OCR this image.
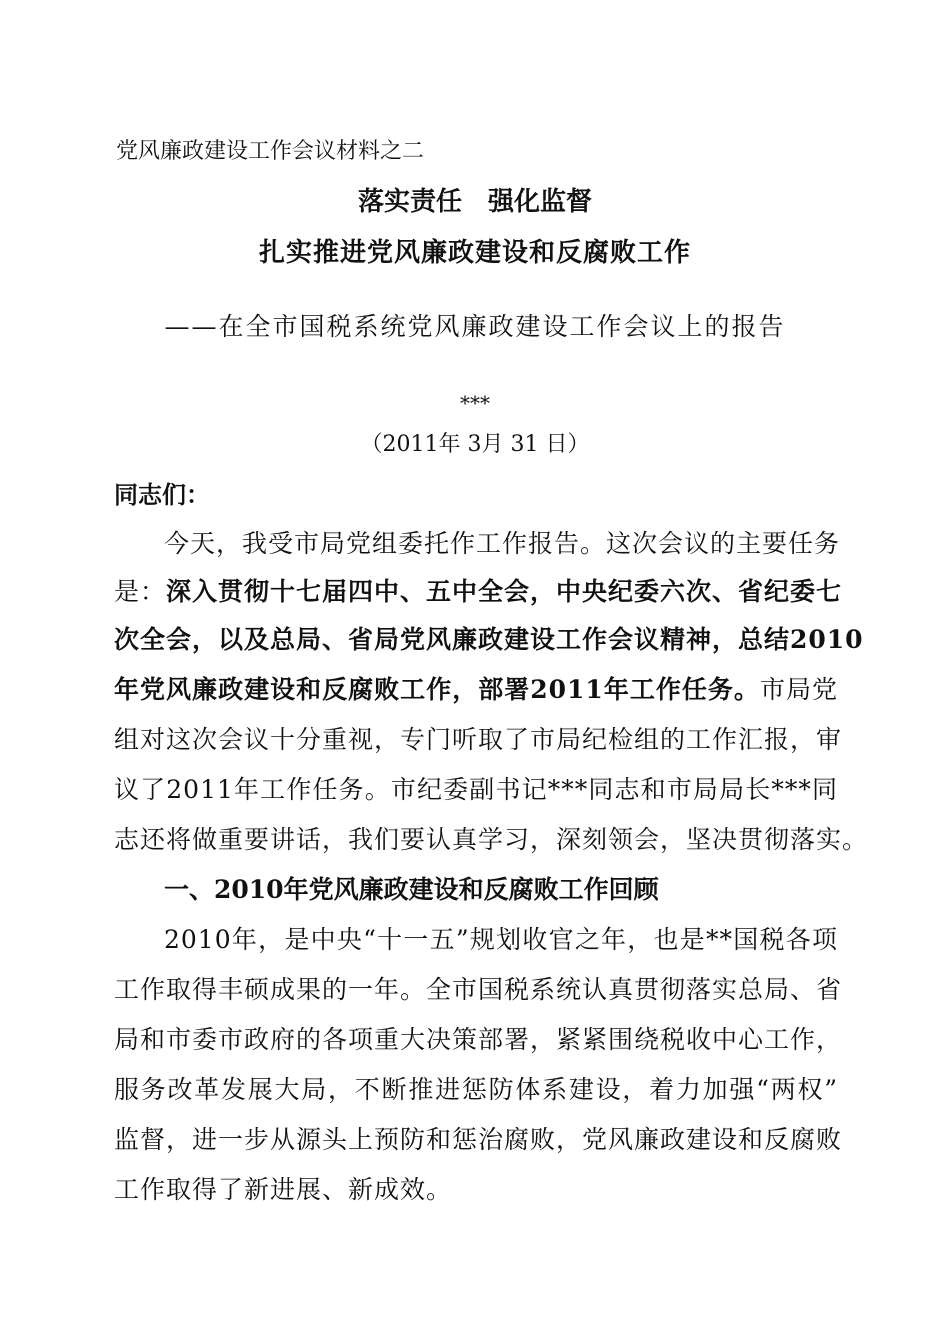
党风廉政建设工作会议材料之二
落实责任　强化监督
扎实推进党风廉政建设和反腐败工作
——在全市国税系统党风廉政建设工作会议上的报告
***
（2011年 3月 31 日）
同志们：
今天，我受市局党组委托作工作报告。这次会议的主要任务
是：深入贯彻十七届四中、五中全会，中央纪委六次、省纪委七
次全会，以及总局、省局党风廉政建设工作会议精神，总结2010
年党风廉政建设和反腐败工作，部署2011年工作任务。市局党
组对这次会议十分重视，专门听取了市局纪检组的工作汇报，审
议了2011年工作任务。市纪委副书记***同志和市局局长***同
志还将做重要讲话，我们要认真学习，深刻领会，坚决贯彻落实。
一、2010年党风廉政建设和反腐败工作回顾
2010年，是中央“十一五”规划收官之年，也是**国税各项
工作取得丰硕成果的一年。全市国税系统认真贯彻落实总局、省
局和市委市政府的各项重大决策部署，紧紧围绕税收中心工作，
服务改革发展大局，不断推进惩防体系建设，着力加强“两权”
监督，进一步从源头上预防和惩治腐败，党风廉政建设和反腐败
工作取得了新进展、新成效。
